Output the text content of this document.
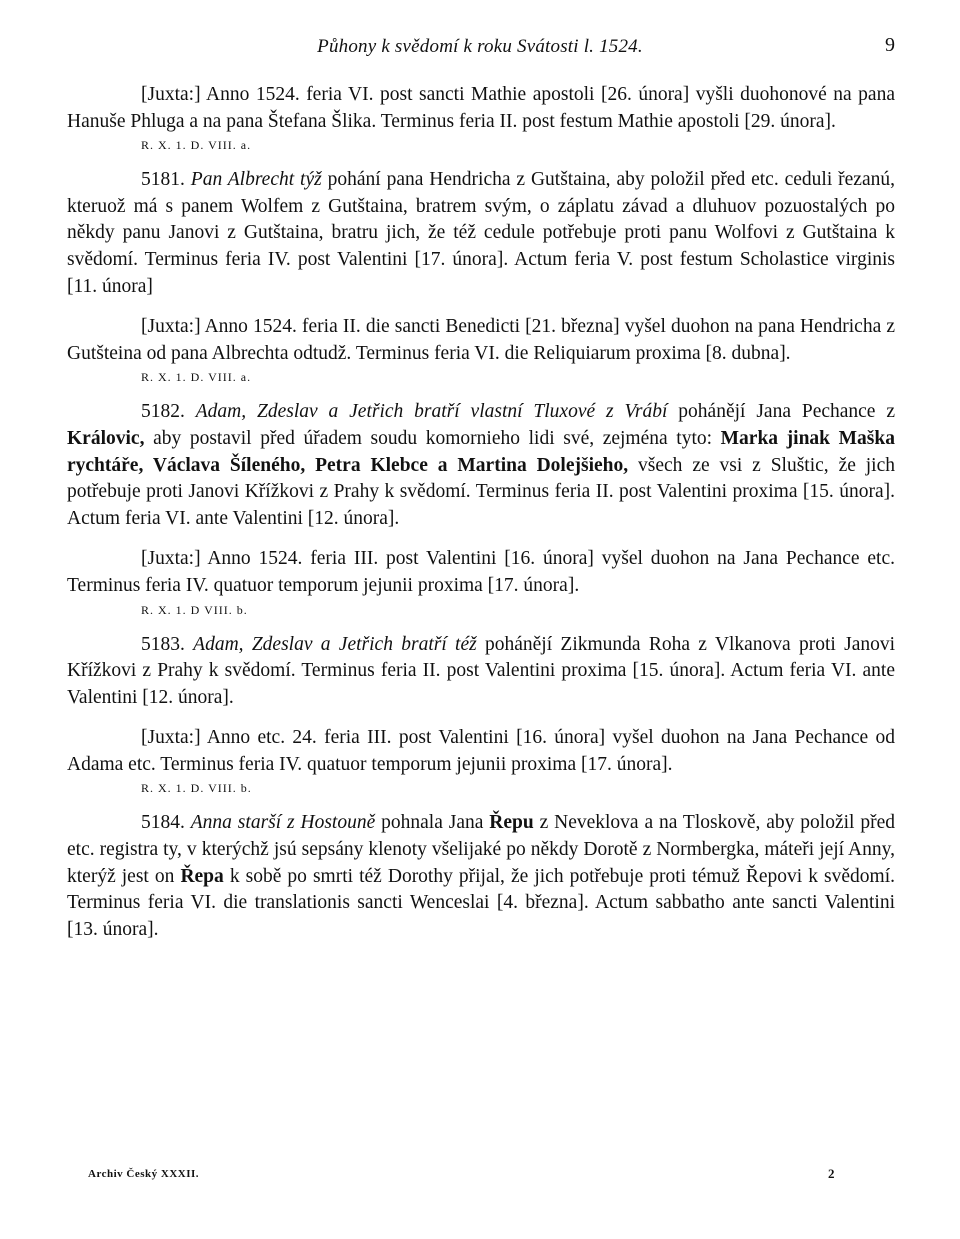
Půhony k svědomí k roku Svátosti l. 1524.	9

[Juxta:] Anno 1524. feria VI. post sancti Mathie apostoli [26. února] vyšli duohonové na pana Hanuše Phluga a na pana Štefana Šlika. Terminus feria II. post festum Mathie apostoli [29. února].

R. X. 1. D. VIII. a.

5181. Pan Albrecht týž pohání pana Hendricha z Gutštaina, aby položil před etc. ceduli řezanú, kteruož má s panem Wolfem z Gutštaina, bratrem svým, o záplatu závad a dluhuov pozuostalých po někdy panu Janovi z Gutštaina, bratru jich, že též cedule potřebuje proti panu Wolfovi z Gutštaina k svědomí. Terminus feria IV. post Valentini [17. února]. Actum feria V. post festum Scholastice virginis [11. února]

[Juxta:] Anno 1524. feria II. die sancti Benedicti [21. března] vyšel duohon na pana Hendricha z Gutšteina od pana Albrechta odtudž. Terminus feria VI. die Reliquiarum proxima [8. dubna].

R. X. 1. D. VIII. a.

5182. Adam, Zdeslav a Jetřich bratří vlastní Tluxové z Vrábí pohánějí Jana Pechance z Královic, aby postavil před úřadem soudu komornieho lidi své, zejména tyto: Marka jinak Maška rychtáře, Václava Šíleného, Petra Klebce a Martina Dolejšieho, všech ze vsi z Sluštic, že jich potřebuje proti Janovi Křížkovi z Prahy k svědomí. Terminus feria II. post Valentini proxima [15. února]. Actum feria VI. ante Valentini [12. února].

[Juxta:] Anno 1524. feria III. post Valentini [16. února] vyšel duohon na Jana Pechance etc. Terminus feria IV. quatuor temporum jejunii proxima [17. února].

R. X. 1. D VIII. b.

5183. Adam, Zdeslav a Jetřich bratří též pohánějí Zikmunda Roha z Vlkanova proti Janovi Křížkovi z Prahy k svědomí. Terminus feria II. post Valentini proxima [15. února]. Actum feria VI. ante Valentini [12. února].

[Juxta:] Anno etc. 24. feria III. post Valentini [16. února] vyšel duohon na Jana Pechance od Adama etc. Terminus feria IV. quatuor temporum jejunii proxima [17. února].

R. X. 1. D. VIII. b.

5184. Anna starší z Hostouně pohnala Jana Řepu z Neveklova a na Tloskově, aby položil před etc. registra ty, v kterýchž jsú sepsány klenoty všelijaké po někdy Dorotě z Normbergka, máteři její Anny, kterýž jest on Řepa k sobě po smrti též Dorothy přijal, že jich potřebuje proti témuž Řepovi k svědomí. Terminus feria VI. die translationis sancti Wenceslai [4. března]. Actum sabbatho ante sancti Valentini [13. února].

Archiv Český XXXII.	2
